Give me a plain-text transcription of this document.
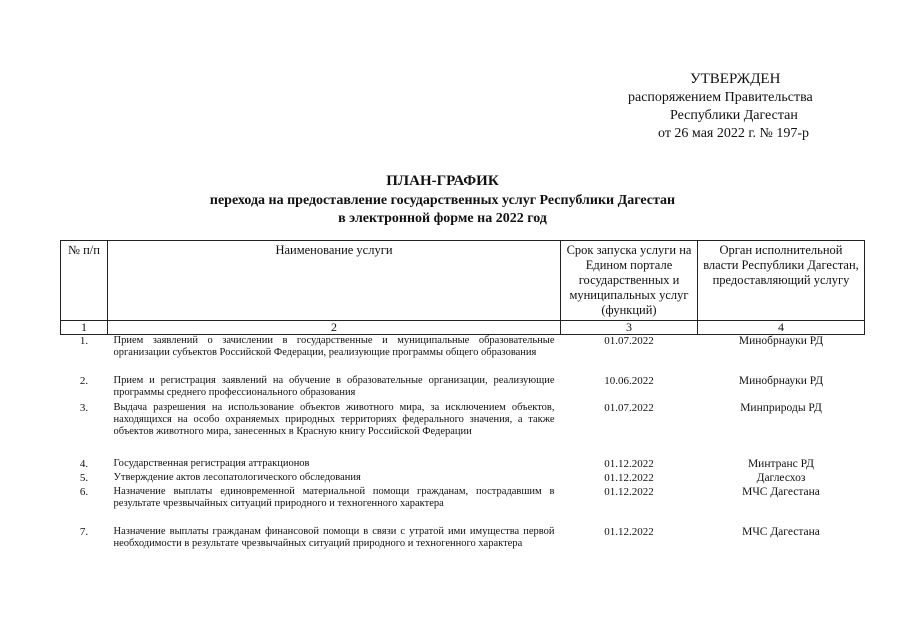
УТВЕРЖДЕН
распоряжением Правительства
Республики Дагестан
от 26 мая 2022 г. № 197-р
ПЛАН-ГРАФИК
перехода на предоставление государственных услуг Республики Дагестан
в электронной форме на 2022 год
№ п/п	Наименование услуги	Срок запуска услуги на Едином портале государственных и муниципальных услуг (функций)	Орган исполнительной власти Республики Дагестан, предоставляющий услугу
1	2	3	4
1.	Прием заявлений о зачислении в государственные и муниципальные образовательные организации субъектов Российской Федерации, реализующие программы общего образования	01.07.2022	Минобрнауки РД
2.	Прием и регистрация заявлений на обучение в образовательные организации, реализующие программы среднего профессионального образования	10.06.2022	Минобрнауки РД
3.	Выдача разрешения на использование объектов животного мира, за исключением объектов, находящихся на особо охраняемых природных территориях федерального значения, а также объектов животного мира, занесенных в Красную книгу Российской Федерации	01.07.2022	Минприроды РД
4.	Государственная регистрация аттракционов	01.12.2022	Минтранс РД
5.	Утверждение актов лесопатологического обследования	01.12.2022	Даглесхоз
6.	Назначение выплаты единовременной материальной помощи гражданам, пострадавшим в результате чрезвычайных ситуаций природного и техногенного характера	01.12.2022	МЧС Дагестана
7.	Назначение выплаты гражданам финансовой помощи в связи с утратой ими имущества первой необходимости в результате чрезвычайных ситуаций природного и техногенного характера	01.12.2022	МЧС Дагестана
